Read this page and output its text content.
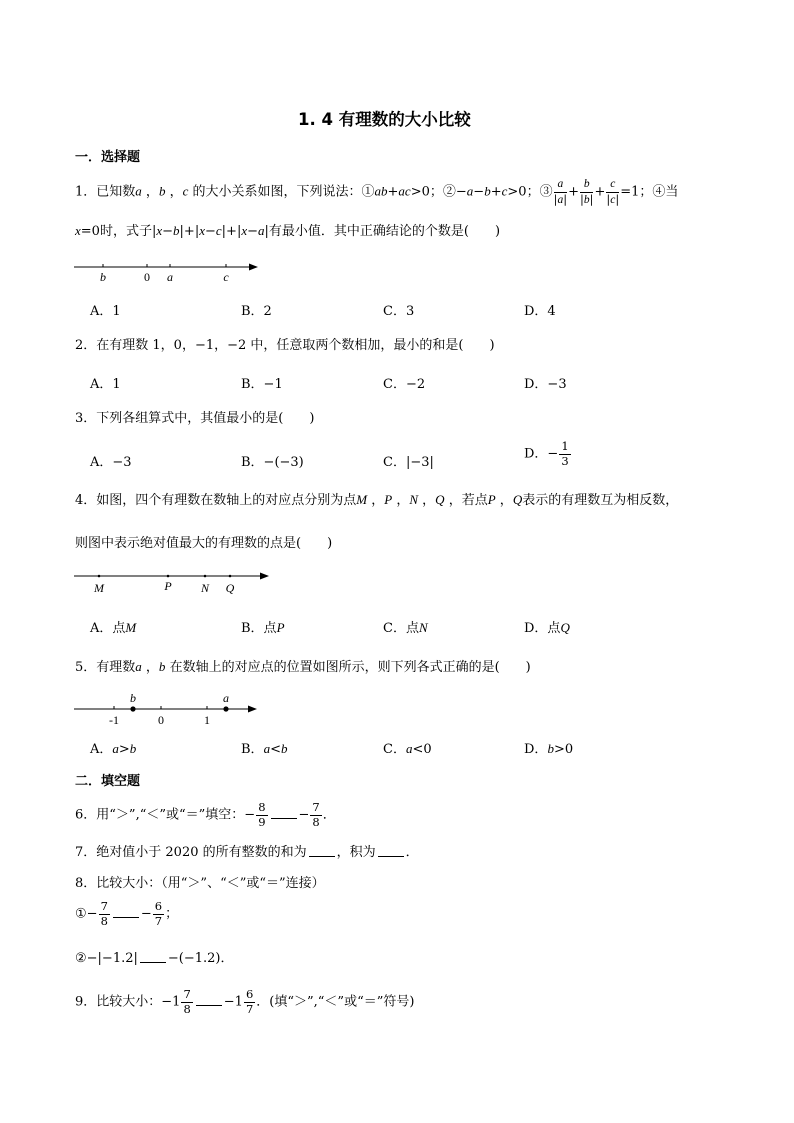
1. 4 有理数的大小比较
一．选择题
1．已知数a ，b ，c 的大小关系如图，下列说法：①ab+ac>0；②−a−b+c>0；③ $\frac{a}{|a|} + \frac{b}{|b|} + \frac{c}{|c|} =1$；④当
x=0时，式子|x−b|+|x−c|+|x−a|有最小值．其中正确结论的个数是( )
b	0 a	c
A．1	B．2	C．3	D．4
2．在有理数 1，0，−1，−2 中，任意取两个数相加，最小的和是( )
A．1	B．−1	C．−2	D．−3
3．下列各组算式中，其值最小的是( )
A．−3	B．−(−3)	C．|−3|
D．− $\frac{1}{3}$
4．如图，四个有理数在数轴上的对应点分别为点M ，P ，N ，Q ，若点P ，Q表示的有理数互为相反数，
则图中表示绝对值最大的有理数的点是( )
M	P N Q
A．点M	B．点P	C．点N	D．点Q
5．有理数a ，b 在数轴上的对应点的位置如图所示，则下列各式正确的是( )
b	a
-1	0	1
A．a>b	B．a<b	C．a<0	D．b>0
二．填空题
6．用“＞”,“＜”或“＝”填空：− $\frac{8}{9} - \frac{7}{8}$ ．
7．绝对值小于 2020 的所有整数的和为 ，积为 ．
8．比较大小：（用“＞”、“＜”或“＝”连接）
①− $\frac{7}{8} - \frac{6}{7}$ ；
②−|−1.2| −(−1.2)．
9．比较大小：$-1 \frac{7}{8} -1 \frac{6}{7}$ ．(填“＞”,“＜”或“＝”符号)
